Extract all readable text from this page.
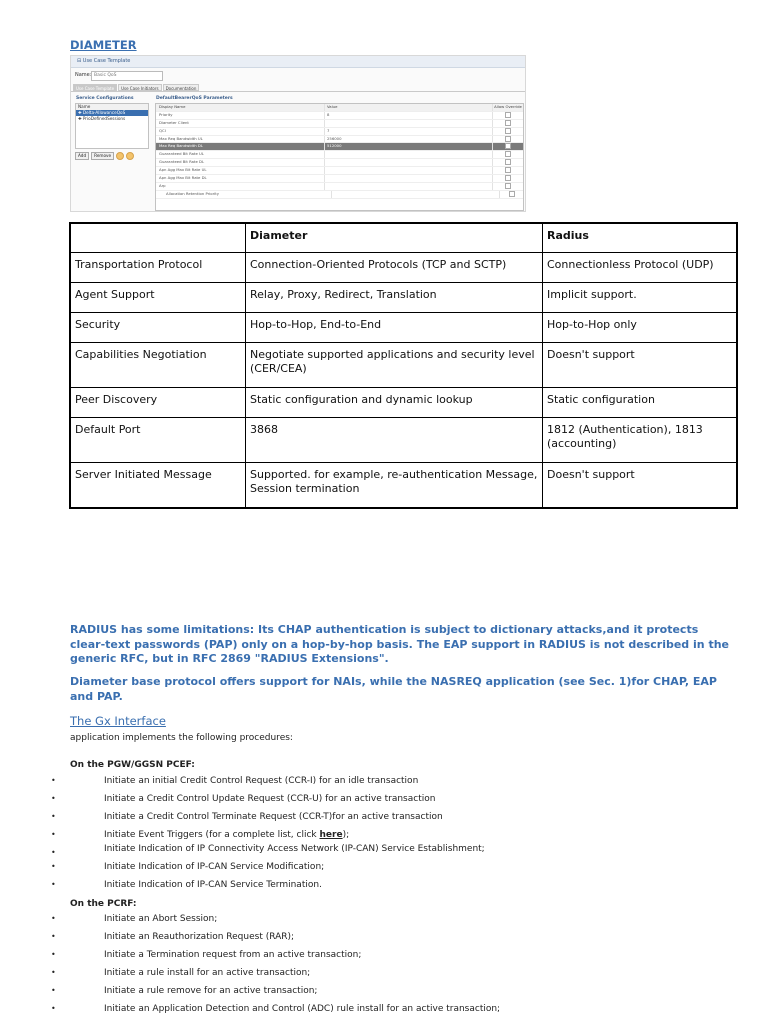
DIAMETER
⊟ Use Case Template
Name: Basic QoS
Use Case Template	Use Case Initiators	Documentation
Service Configurations	DefaultBearerQoS Parameters
Name
✚ Delta-AllowanceQoS
✚ PrioDefinedSessions
Add	Remove
Display Name	Value	Allow Override
Priority	8
Diameter Client
QCI	7
Max Req Bandwidth UL	256000
Max Req Bandwidth DL	512000
Guaranteed Bit Rate UL
Guaranteed Bit Rate DL
Apn Agg Max Bit Rate UL
Apn Agg Max Bit Rate DL
Arp
Allocation Retention Priority
	Diameter	Radius
Transportation Protocol	Connection-Oriented Protocols (TCP and SCTP)	Connectionless Protocol (UDP)
Agent Support	Relay, Proxy, Redirect, Translation	Implicit support.
Security	Hop-to-Hop, End-to-End	Hop-to-Hop only
Capabilities Negotiation	Negotiate supported applications and security level (CER/CEA)	Doesn't support
Peer Discovery	Static configuration and dynamic lookup	Static configuration
Default Port	3868	1812 (Authentication), 1813 (accounting)
Server Initiated Message	Supported. for example, re-authentication Message, Session termination	Doesn't support
RADIUS has some limitations: Its CHAP authentication is subject to dictionary attacks,and it protects clear-text passwords (PAP) only on a hop-by-hop basis. The EAP support in RADIUS is not described in the generic RFC, but in RFC 2869 "RADIUS Extensions".
Diameter base protocol offers support for NAIs, while the NASREQ application (see Sec. 1)for CHAP, EAP and PAP.
The Gx Interface
application implements the following procedures:
On the PGW/GGSN PCEF:
•	Initiate an initial Credit Control Request (CCR-I) for an idle transaction
•	Initiate a Credit Control Update Request (CCR-U) for an active transaction
•	Initiate a Credit Control Terminate Request (CCR-T)for an active transaction
•	Initiate Event Triggers (for a complete list, click here);
•	Initiate Indication of IP Connectivity Access Network (IP-CAN) Service Establishment;
•	Initiate Indication of IP-CAN Service Modification;
•	Initiate Indication of IP-CAN Service Termination.
On the PCRF:
•	Initiate an Abort Session;
•	Initiate an Reauthorization Request (RAR);
•	Initiate a Termination request from an active transaction;
•	Initiate a rule install for an active transaction;
•	Initiate a rule remove for an active transaction;
•	Initiate an Application Detection and Control (ADC) rule install for an active transaction;
